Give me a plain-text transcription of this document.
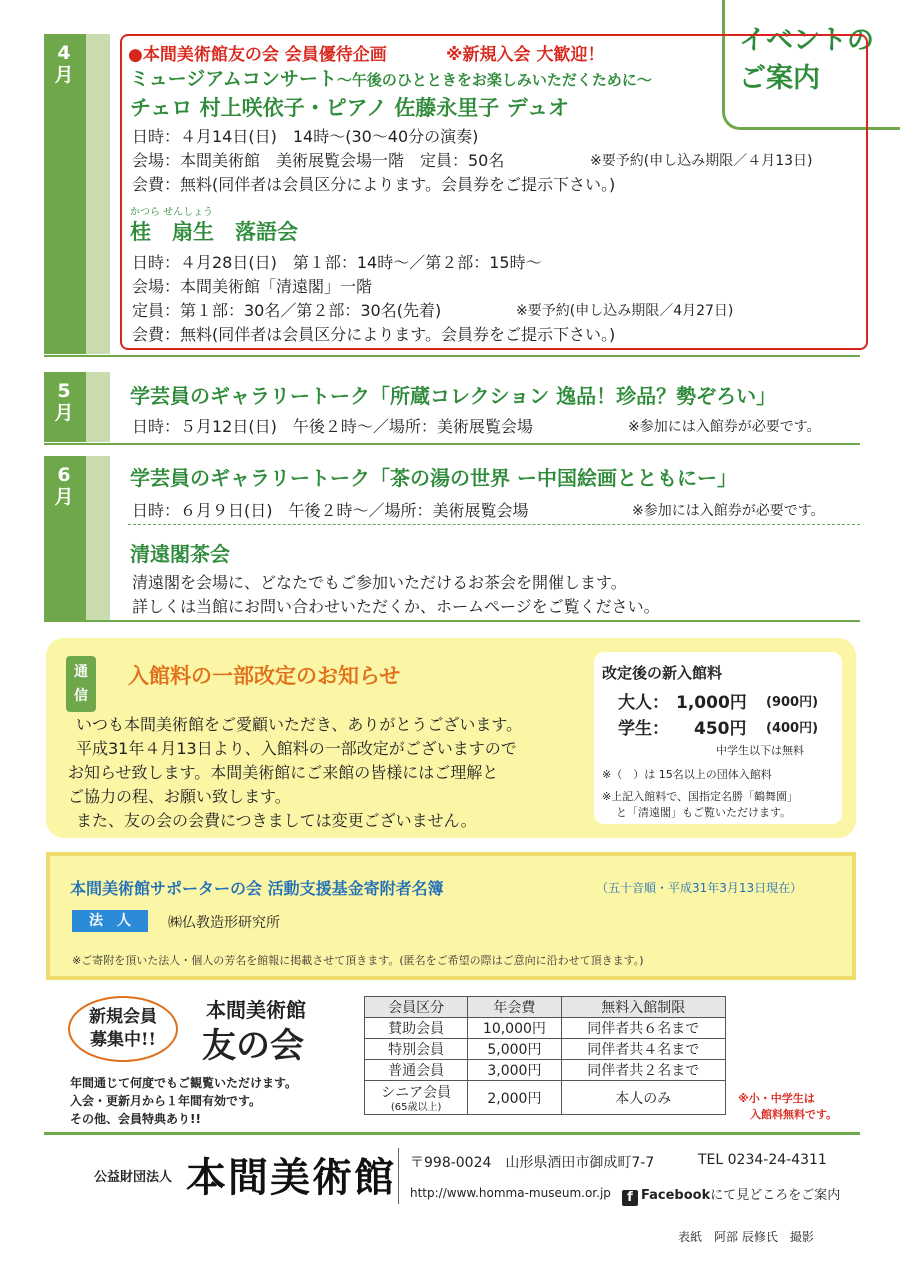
イベントの
ご案内
4
月
●本間美術館友の会 会員優待企画	※新規入会 大歓迎！
ミュージアムコンサート〜午後のひとときをお楽しみいただくために〜
チェロ 村上咲依子・ピアノ 佐藤永里子 デュオ
日時：４月14日(日)　14時〜(30〜40分の演奏)
会場：本間美術館　美術展覧会場一階　定員：50名	※要予約(申し込み期限／４月13日)
会費：無料(同伴者は会員区分によります。会員券をご提示下さい。)
かつら せんしょう
桂　扇生　落語会
日時：４月28日(日)　第１部：14時〜／第２部：15時〜
会場：本間美術館「清遠閣」一階
定員：第１部：30名／第２部：30名(先着)	※要予約(申し込み期限／4月27日)
会費：無料(同伴者は会員区分によります。会員券をご提示下さい。)
5
月
学芸員のギャラリートーク「所蔵コレクション 逸品！珍品？勢ぞろい」
日時：５月12日(日)　午後２時〜／場所：美術展覧会場	※参加には入館券が必要です。
6
月
学芸員のギャラリートーク「茶の湯の世界 ー中国絵画とともにー」
日時：６月９日(日)　午後２時〜／場所：美術展覧会場	※参加には入館券が必要です。
清遠閣茶会
清遠閣を会場に、どなたでもご参加いただけるお茶会を開催します。
詳しくは当館にお問い合わせいただくか、ホームページをご覧ください。
通
信
入館料の一部改定のお知らせ
いつも本間美術館をご愛顧いただき、ありがとうございます。
平成31年４月13日より、入館料の一部改定がございますので
お知らせ致します。本間美術館にご来館の皆様にはご理解と
ご協力の程、お願い致します。
また、友の会の会費につきましては変更ございません。
改定後の新入館料
大人： 1,000円 (900円)
学生： 450円 (400円)
中学生以下は無料
※（　）は 15名以上の団体入館料
※上記入館料で、国指定名勝「鶴舞園」
と「清遠閣」もご覧いただけます。
本間美術館サポーターの会 活動支援基金寄附者名簿	（五十音順・平成31年3月13日現在）
法　人	㈱仏教造形研究所
※ご寄附を頂いた法人・個人の芳名を館報に掲載させて頂きます。(匿名をご希望の際はご意向に沿わせて頂きます。)
新規会員
募集中!!
本間美術館
友の会
年間通じて何度でもご観覧いただけます。
入会・更新月から１年間有効です。
その他、会員特典あり!!
会員区分	年会費	無料入館制限
賛助会員	10,000円	同伴者共６名まで
特別会員	5,000円	同伴者共４名まで
普通会員	3,000円	同伴者共２名まで
シニア会員
(65歳以上)	2,000円	本人のみ	※小・中学生は
入館料無料です。
公益財団法人 本間美術館 〒998-0024　山形県酒田市御成町7-7	TEL 0234-24-4311
http://www.homma-museum.or.jp	f Facebookにて見どころをご案内
表紙　阿部 辰修氏　撮影
